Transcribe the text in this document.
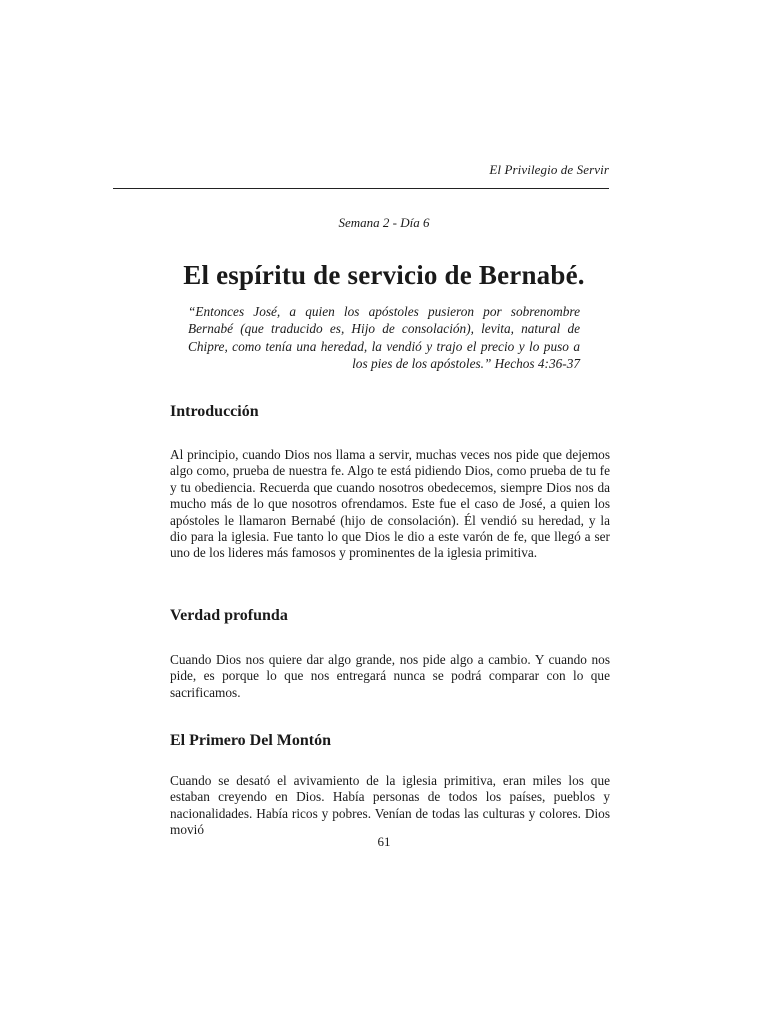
El Privilegio de Servir
Semana 2 - Día 6
El espíritu de servicio de Bernabé.
“Entonces José, a quien los apóstoles pusieron por sobrenombre Bernabé (que traducido es, Hijo de consolación), levita, natural de Chipre, como tenía una heredad, la vendió y trajo el precio y lo puso a los pies de los apóstoles.” Hechos 4:36-37
Introducción
Al principio, cuando Dios nos llama a servir, muchas veces nos pide que dejemos algo como, prueba de nuestra fe. Algo te está pidiendo Dios, como prueba de tu fe y tu obediencia. Recuerda que cuando nosotros obedecemos, siempre Dios nos da mucho más de lo que nosotros ofrendamos. Este fue el caso de José, a quien los apóstoles le llamaron Bernabé (hijo de consolación). Él vendió su heredad, y la dio para la iglesia. Fue tanto lo que Dios le dio a este varón de fe, que llegó a ser uno de los lideres más famosos y prominentes de la iglesia primitiva.
Verdad profunda
Cuando Dios nos quiere dar algo grande, nos pide algo a cambio. Y cuando nos pide, es porque lo que nos entregará nunca se podrá comparar con lo que sacrificamos.
El Primero Del Montón
Cuando se desató el avivamiento de la iglesia primitiva, eran miles los que estaban creyendo en Dios. Había personas de todos los países, pueblos y nacionalidades. Había ricos y pobres. Venían de todas las culturas y colores. Dios movió
61
